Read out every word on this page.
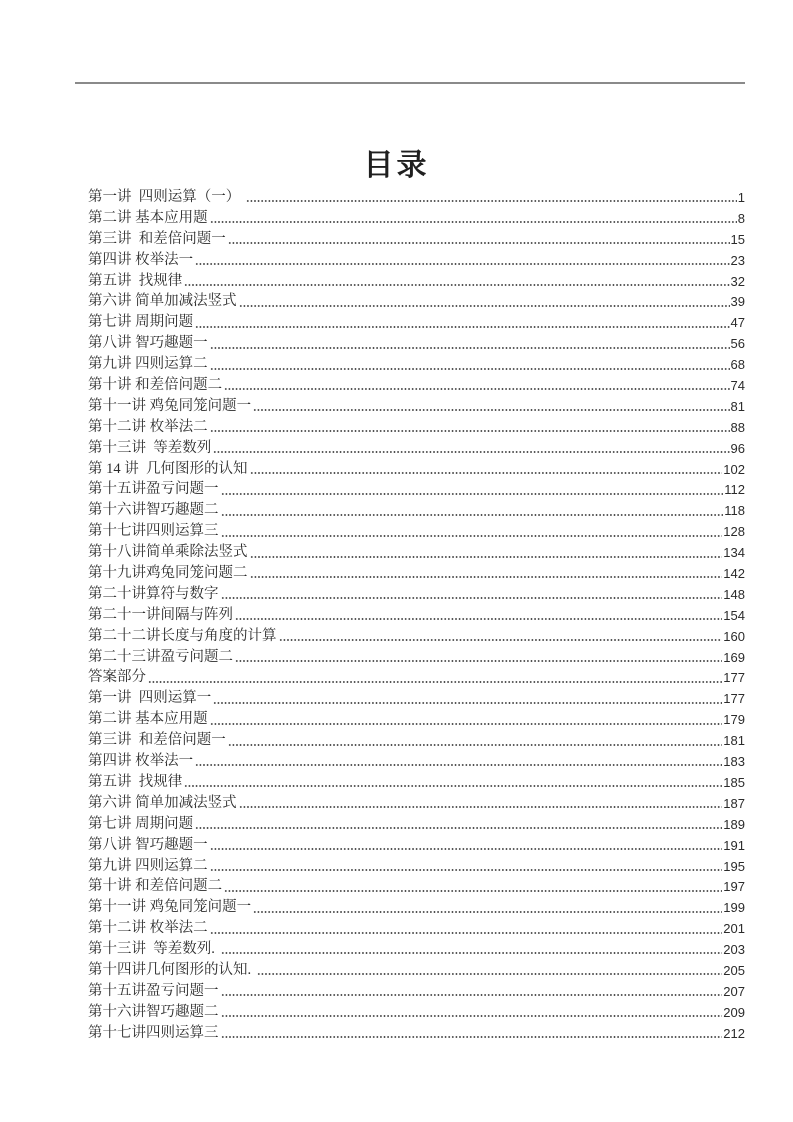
目录
第一讲  四则运算（一）	1
第二讲 基本应用题	8
第三讲  和差倍问题一	15
第四讲 枚举法一	23
第五讲  找规律	32
第六讲 简单加减法竖式	39
第七讲 周期问题	47
第八讲 智巧趣题一	56
第九讲 四则运算二	68
第十讲 和差倍问题二	74
第十一讲 鸡兔同笼问题一	81
第十二讲 枚举法二	88
第十三讲  等差数列	96
第 14 讲  几何图形的认知	102
第十五讲盈亏问题一	112
第十六讲智巧趣题二	118
第十七讲四则运算三	128
第十八讲简单乘除法竖式	134
第十九讲鸡兔同笼问题二	142
第二十讲算符与数字	148
第二十一讲间隔与阵列	154
第二十二讲长度与角度的计算	160
第二十三讲盈亏问题二	169
答案部分	177
第一讲  四则运算一	177
第二讲 基本应用题	179
第三讲  和差倍问题一	181
第四讲 枚举法一	183
第五讲  找规律	185
第六讲 简单加减法竖式	187
第七讲 周期问题	189
第八讲 智巧趣题一	191
第九讲 四则运算二	195
第十讲 和差倍问题二	197
第十一讲 鸡兔同笼问题一	199
第十二讲 枚举法二	201
第十三讲  等差数列.	203
第十四讲几何图形的认知.	205
第十五讲盈亏问题一	207
第十六讲智巧趣题二	209
第十七讲四则运算三	212
